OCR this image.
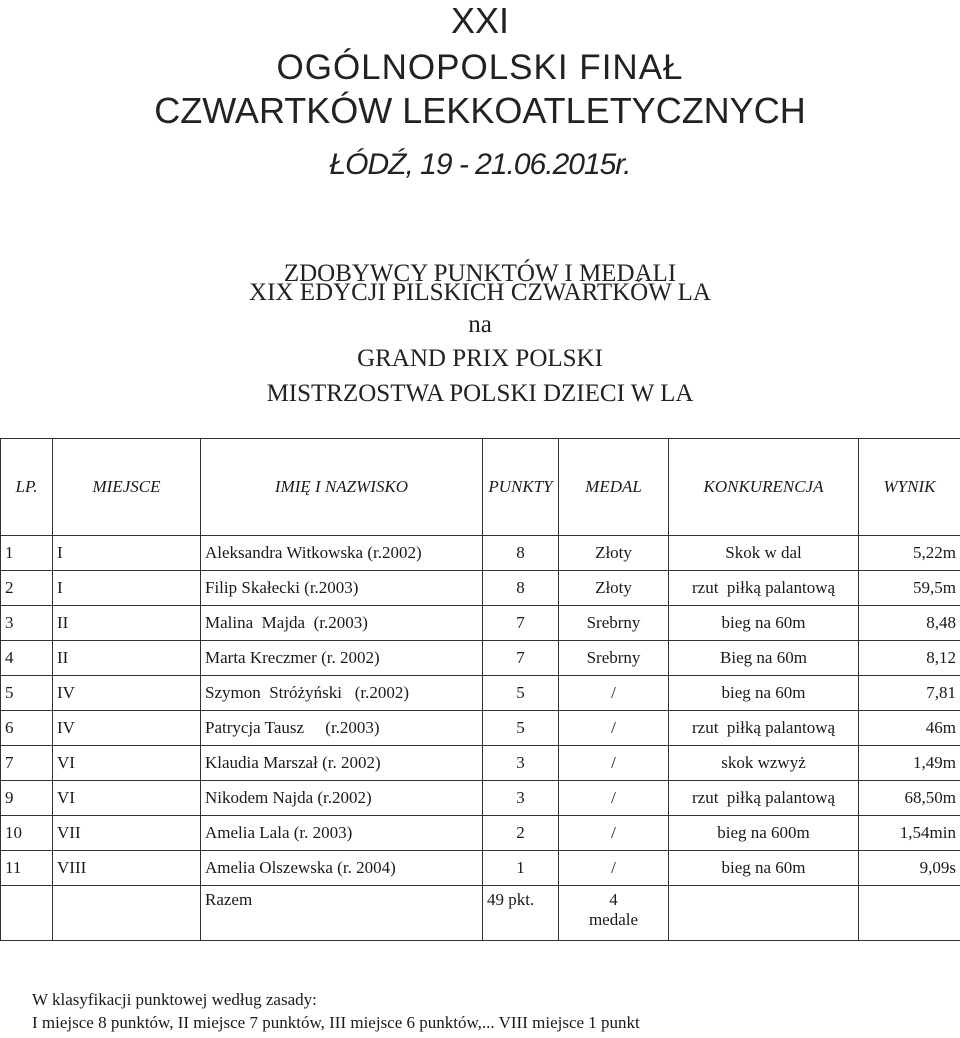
XXI
OGÓLNOPOLSKI FINAŁ
CZWARTKÓW LEKKOATLETYCZNYCH
ŁÓDŹ, 19 - 21.06.2015r.
ZDOBYWCY PUNKTÓW I MEDALI
XIX EDYCJI PILSKICH CZWARTKÓW LA
na
GRAND PRIX POLSKI
MISTRZOSTWA POLSKI DZIECI W LA
LP.	MIEJSCE	IMIĘ I NAZWISKO	PUNKTY	MEDAL	KONKURENCJA	WYNIK
1	I	Aleksandra Witkowska (r.2002)	8	Złoty	Skok w dal	5,22m
2	I	Filip Skałecki (r.2003)	8	Złoty	rzut  piłką palantową	59,5m
3	II	Malina  Majda  (r.2003)	7	Srebrny	bieg na 60m	8,48
4	II	Marta Kreczmer (r. 2002)	7	Srebrny	Bieg na 60m	8,12
5	IV	Szymon  Stróżyński   (r.2002)	5	/	bieg na 60m	7,81
6	IV	Patrycja Tausz     (r.2003)	5	/	rzut  piłką palantową	46m
7	VI	Klaudia Marszał (r. 2002)	3	/	skok wzwyż	1,49m
9	VI	Nikodem Najda (r.2002)	3	/	rzut  piłką palantową	68,50m
10	VII	Amelia Lala (r. 2003)	2	/	bieg na 600m	1,54min
11	VIII	Amelia Olszewska (r. 2004)	1	/	bieg na 60m	9,09s
		Razem	49 pkt.	4
medale		

W klasyfikacji punktowej według zasady:
I miejsce 8 punktów, II miejsce 7 punktów, III miejsce 6 punktów,... VIII miejsce 1 punkt
